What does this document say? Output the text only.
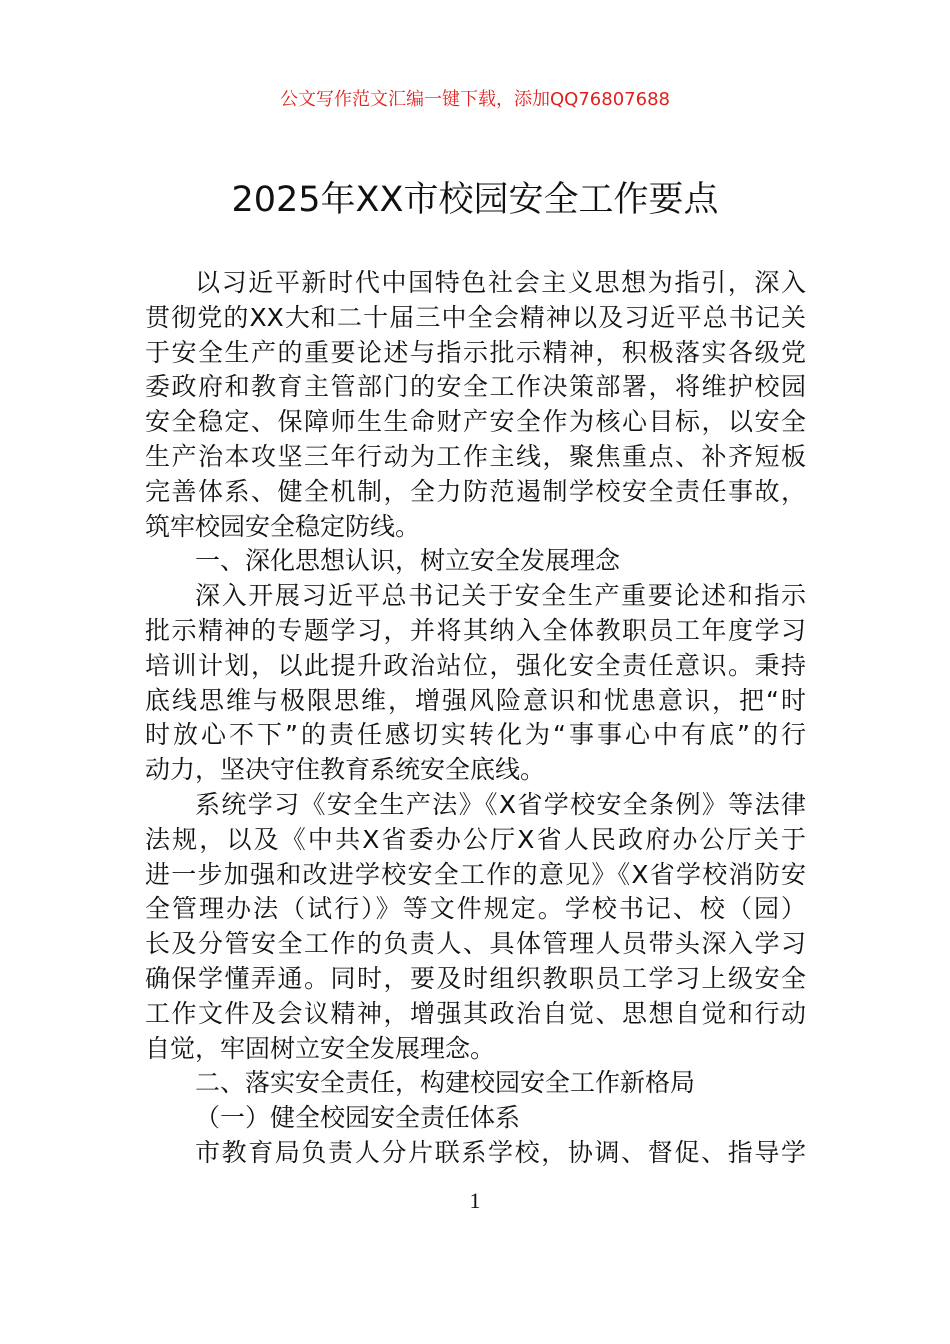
公文写作范文汇编一键下载，添加QQ76807688
2025年XX市校园安全工作要点
以习近平新时代中国特色社会主义思想为指引，深入
贯彻党的XX大和二十届三中全会精神以及习近平总书记关
于安全生产的重要论述与指示批示精神，积极落实各级党
委政府和教育主管部门的安全工作决策部署，将维护校园
安全稳定、保障师生生命财产安全作为核心目标，以安全
生产治本攻坚三年行动为工作主线，聚焦重点、补齐短板
完善体系、健全机制，全力防范遏制学校安全责任事故，
筑牢校园安全稳定防线。
一、深化思想认识，树立安全发展理念
深入开展习近平总书记关于安全生产重要论述和指示
批示精神的专题学习，并将其纳入全体教职员工年度学习
培训计划，以此提升政治站位，强化安全责任意识。秉持
底线思维与极限思维，增强风险意识和忧患意识，把“时
时放心不下”的责任感切实转化为“事事心中有底”的行
动力，坚决守住教育系统安全底线。
系统学习《安全生产法》《X省学校安全条例》等法律
法规，以及《中共X省委办公厅X省人民政府办公厅关于
进一步加强和改进学校安全工作的意见》《X省学校消防安
全管理办法（试行）》等文件规定。学校书记、校（园）
长及分管安全工作的负责人、具体管理人员带头深入学习
确保学懂弄通。同时，要及时组织教职员工学习上级安全
工作文件及会议精神，增强其政治自觉、思想自觉和行动
自觉，牢固树立安全发展理念。
二、落实安全责任，构建校园安全工作新格局
（一）健全校园安全责任体系
市教育局负责人分片联系学校，协调、督促、指导学
1
